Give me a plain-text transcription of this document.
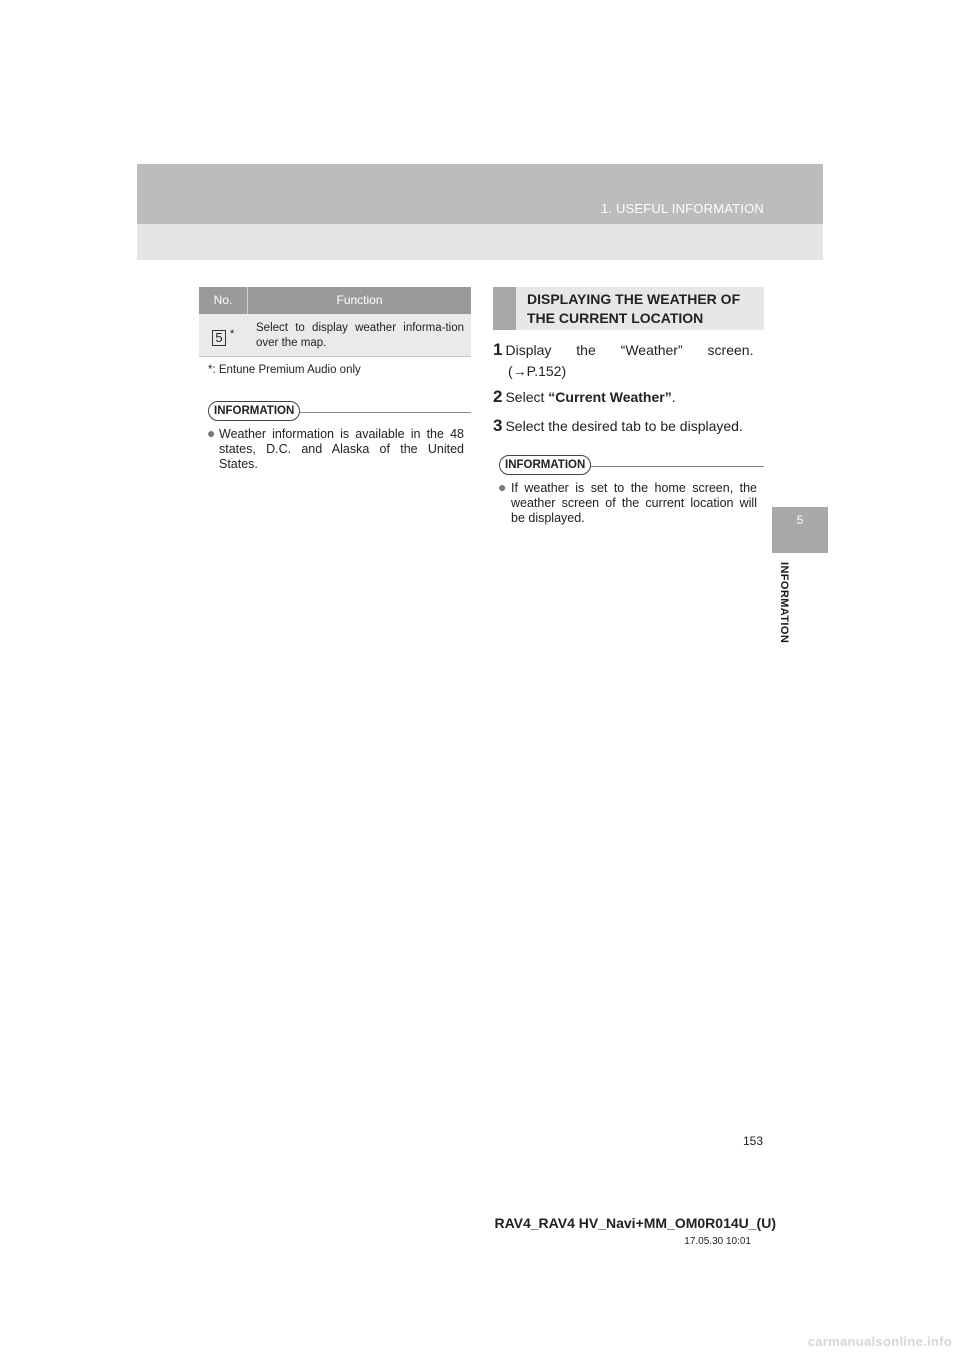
1. USEFUL INFORMATION
5
INFORMATION
No.	Function
5 * Select to display weather informa-tion over the map.
*: Entune Premium Audio only
INFORMATION
● Weather information is available in the 48 states, D.C. and Alaska of the United States.
DISPLAYING THE WEATHER OF THE CURRENT LOCATION
1 Display the “Weather” screen.
(→P.152)
2 Select “Current Weather”.
3 Select the desired tab to be displayed.
INFORMATION
● If weather is set to the home screen, the weather screen of the current location will be displayed.
153
RAV4_RAV4 HV_Navi+MM_OM0R014U_(U)
17.05.30 10:01
carmanualsonline.info
